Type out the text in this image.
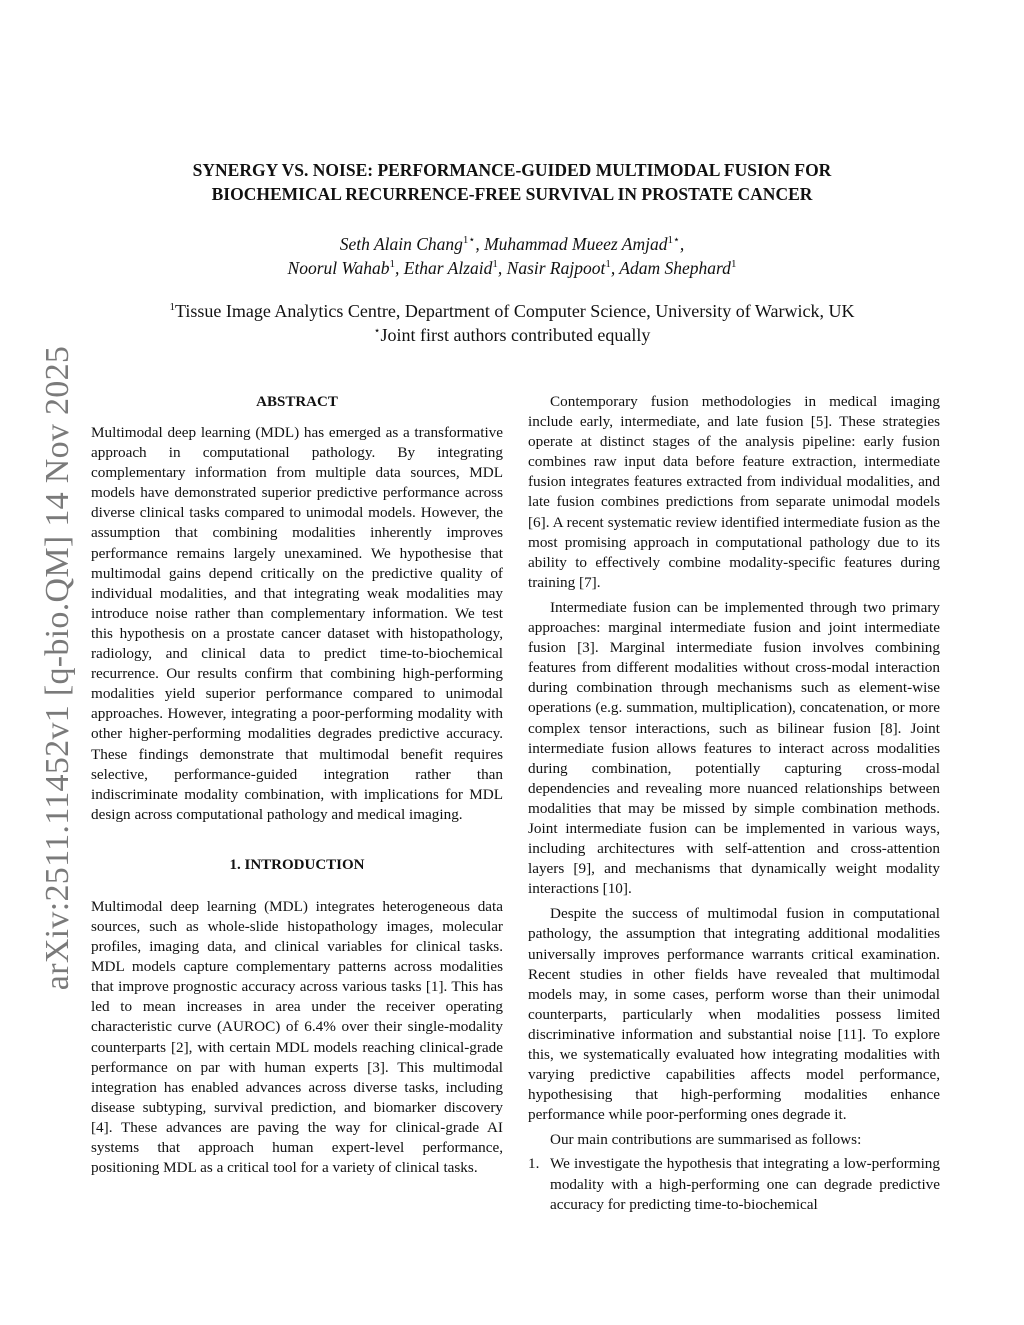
arXiv:2511.11452v1 [q-bio.QM] 14 Nov 2025
SYNERGY VS. NOISE: PERFORMANCE-GUIDED MULTIMODAL FUSION FOR
BIOCHEMICAL RECURRENCE-FREE SURVIVAL IN PROSTATE CANCER
Seth Alain Chang$^{1⋆}$, Muhammad Mueez Amjad$^{1⋆}$,
Noorul Wahab$^1$, Ethar Alzaid$^1$, Nasir Rajpoot$^1$, Adam Shephard$^1$
$^1$Tissue Image Analytics Centre, Department of Computer Science, University of Warwick, UK
⋆Joint first authors contributed equally
ABSTRACT

Multimodal deep learning (MDL) has emerged as a transformative approach in computational pathology. By integrating complementary information from multiple data sources, MDL models have demonstrated superior predictive performance across diverse clinical tasks compared to unimodal models. However, the assumption that combining modalities inherently improves performance remains largely unexamined. We hypothesise that multimodal gains depend critically on the predictive quality of individual modalities, and that integrating weak modalities may introduce noise rather than complementary information. We test this hypothesis on a prostate cancer dataset with histopathology, radiology, and clinical data to predict time-to-biochemical recurrence. Our results confirm that combining high-performing modalities yield superior performance compared to unimodal approaches. However, integrating a poor-performing modality with other higher-performing modalities degrades predictive accuracy. These findings demonstrate that multimodal benefit requires selective, performance-guided integration rather than indiscriminate modality combination, with implications for MDL design across computational pathology and medical imaging.

1. INTRODUCTION

Multimodal deep learning (MDL) integrates heterogeneous data sources, such as whole-slide histopathology images, molecular profiles, imaging data, and clinical variables for clinical tasks. MDL models capture complementary patterns across modalities that improve prognostic accuracy across various tasks [1]. This has led to mean increases in area under the receiver operating characteristic curve (AUROC) of 6.4% over their single-modality counterparts [2], with certain MDL models reaching clinical-grade performance on par with human experts [3]. This multimodal integration has enabled advances across diverse tasks, including disease subtyping, survival prediction, and biomarker discovery [4]. These advances are paving the way for clinical-grade AI systems that approach human expert-level performance, positioning MDL as a critical tool for a variety of clinical tasks.

Contemporary fusion methodologies in medical imaging include early, intermediate, and late fusion [5]. These strategies operate at distinct stages of the analysis pipeline: early fusion combines raw input data before feature extraction, intermediate fusion integrates features extracted from individual modalities, and late fusion combines predictions from separate unimodal models [6]. A recent systematic review identified intermediate fusion as the most promising approach in computational pathology due to its ability to effectively combine modality-specific features during training [7].

Intermediate fusion can be implemented through two primary approaches: marginal intermediate fusion and joint intermediate fusion [3]. Marginal intermediate fusion involves combining features from different modalities without cross-modal interaction during combination through mechanisms such as element-wise operations (e.g. summation, multiplication), concatenation, or more complex tensor interactions, such as bilinear fusion [8]. Joint intermediate fusion allows features to interact across modalities during combination, potentially capturing cross-modal dependencies and revealing more nuanced relationships between modalities that may be missed by simple combination methods. Joint intermediate fusion can be implemented in various ways, including architectures with self-attention and cross-attention layers [9], and mechanisms that dynamically weight modality interactions [10].

Despite the success of multimodal fusion in computational pathology, the assumption that integrating additional modalities universally improves performance warrants critical examination. Recent studies in other fields have revealed that multimodal models may, in some cases, perform worse than their unimodal counterparts, particularly when modalities possess limited discriminative information and substantial noise [11]. To explore this, we systematically evaluated how integrating modalities with varying predictive capabilities affects model performance, hypothesising that high-performing modalities enhance performance while poor-performing ones degrade it.

Our main contributions are summarised as follows:

1. We investigate the hypothesis that integrating a low-performing modality with a high-performing one can degrade predictive accuracy for predicting time-to-biochemical
